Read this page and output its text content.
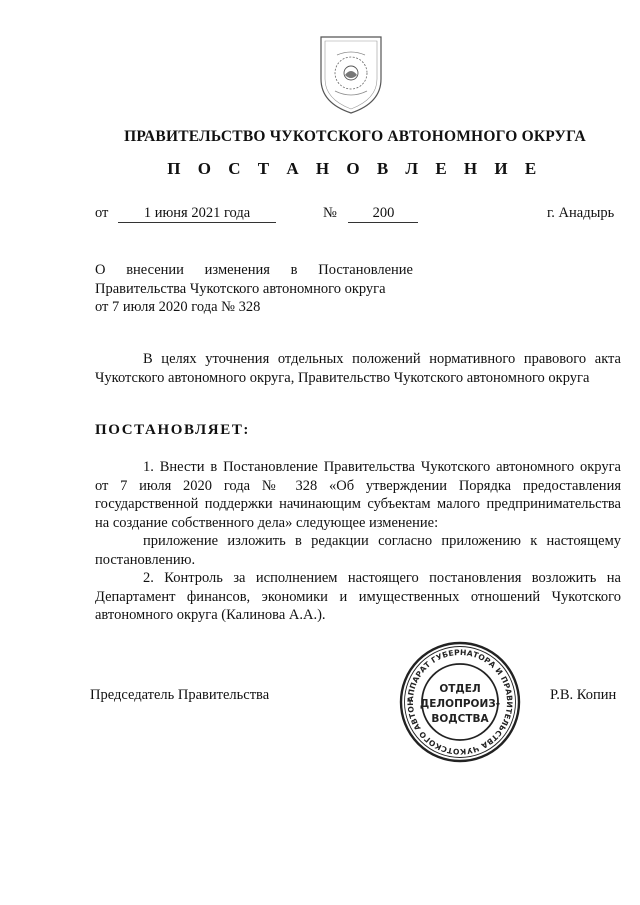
ПРАВИТЕЛЬСТВО ЧУКОТСКОГО АВТОНОМНОГО ОКРУГА
П О С Т А Н О В Л Е Н И Е
от 1 июня 2021 года	№ 200	г. Анадырь

О внесении изменения в Постановление

Правительства Чукотского автономного округа

от 7 июля 2020 года № 328

В целях уточнения отдельных положений нормативного правового акта Чукотского автономного округа, Правительство Чукотского автономного округа

ПОСТАНОВЛЯЕТ:

1. Внести в Постановление Правительства Чукотского автономного округа от 7 июля 2020 года № 328 «Об утверждении Порядка предоставления государственной поддержки начинающим субъектам малого предпринимательства на создание собственного дела» следующее изменение:

приложение изложить в редакции согласно приложению к настоящему постановлению.

2. Контроль за исполнением настоящего постановления возложить на Департамент финансов, экономики и имущественных отношений Чукотского автономного округа (Калинова А.А.).

Председатель Правительства	Р.В. Копин
АППАРАТ ГУБЕРНАТОРА И ПРАВИТЕЛЬСТВА ЧУКОТСКОГО АВТОН
ОТДЕЛ
ДЕЛОПРОИЗ-
ВОДСТВА
